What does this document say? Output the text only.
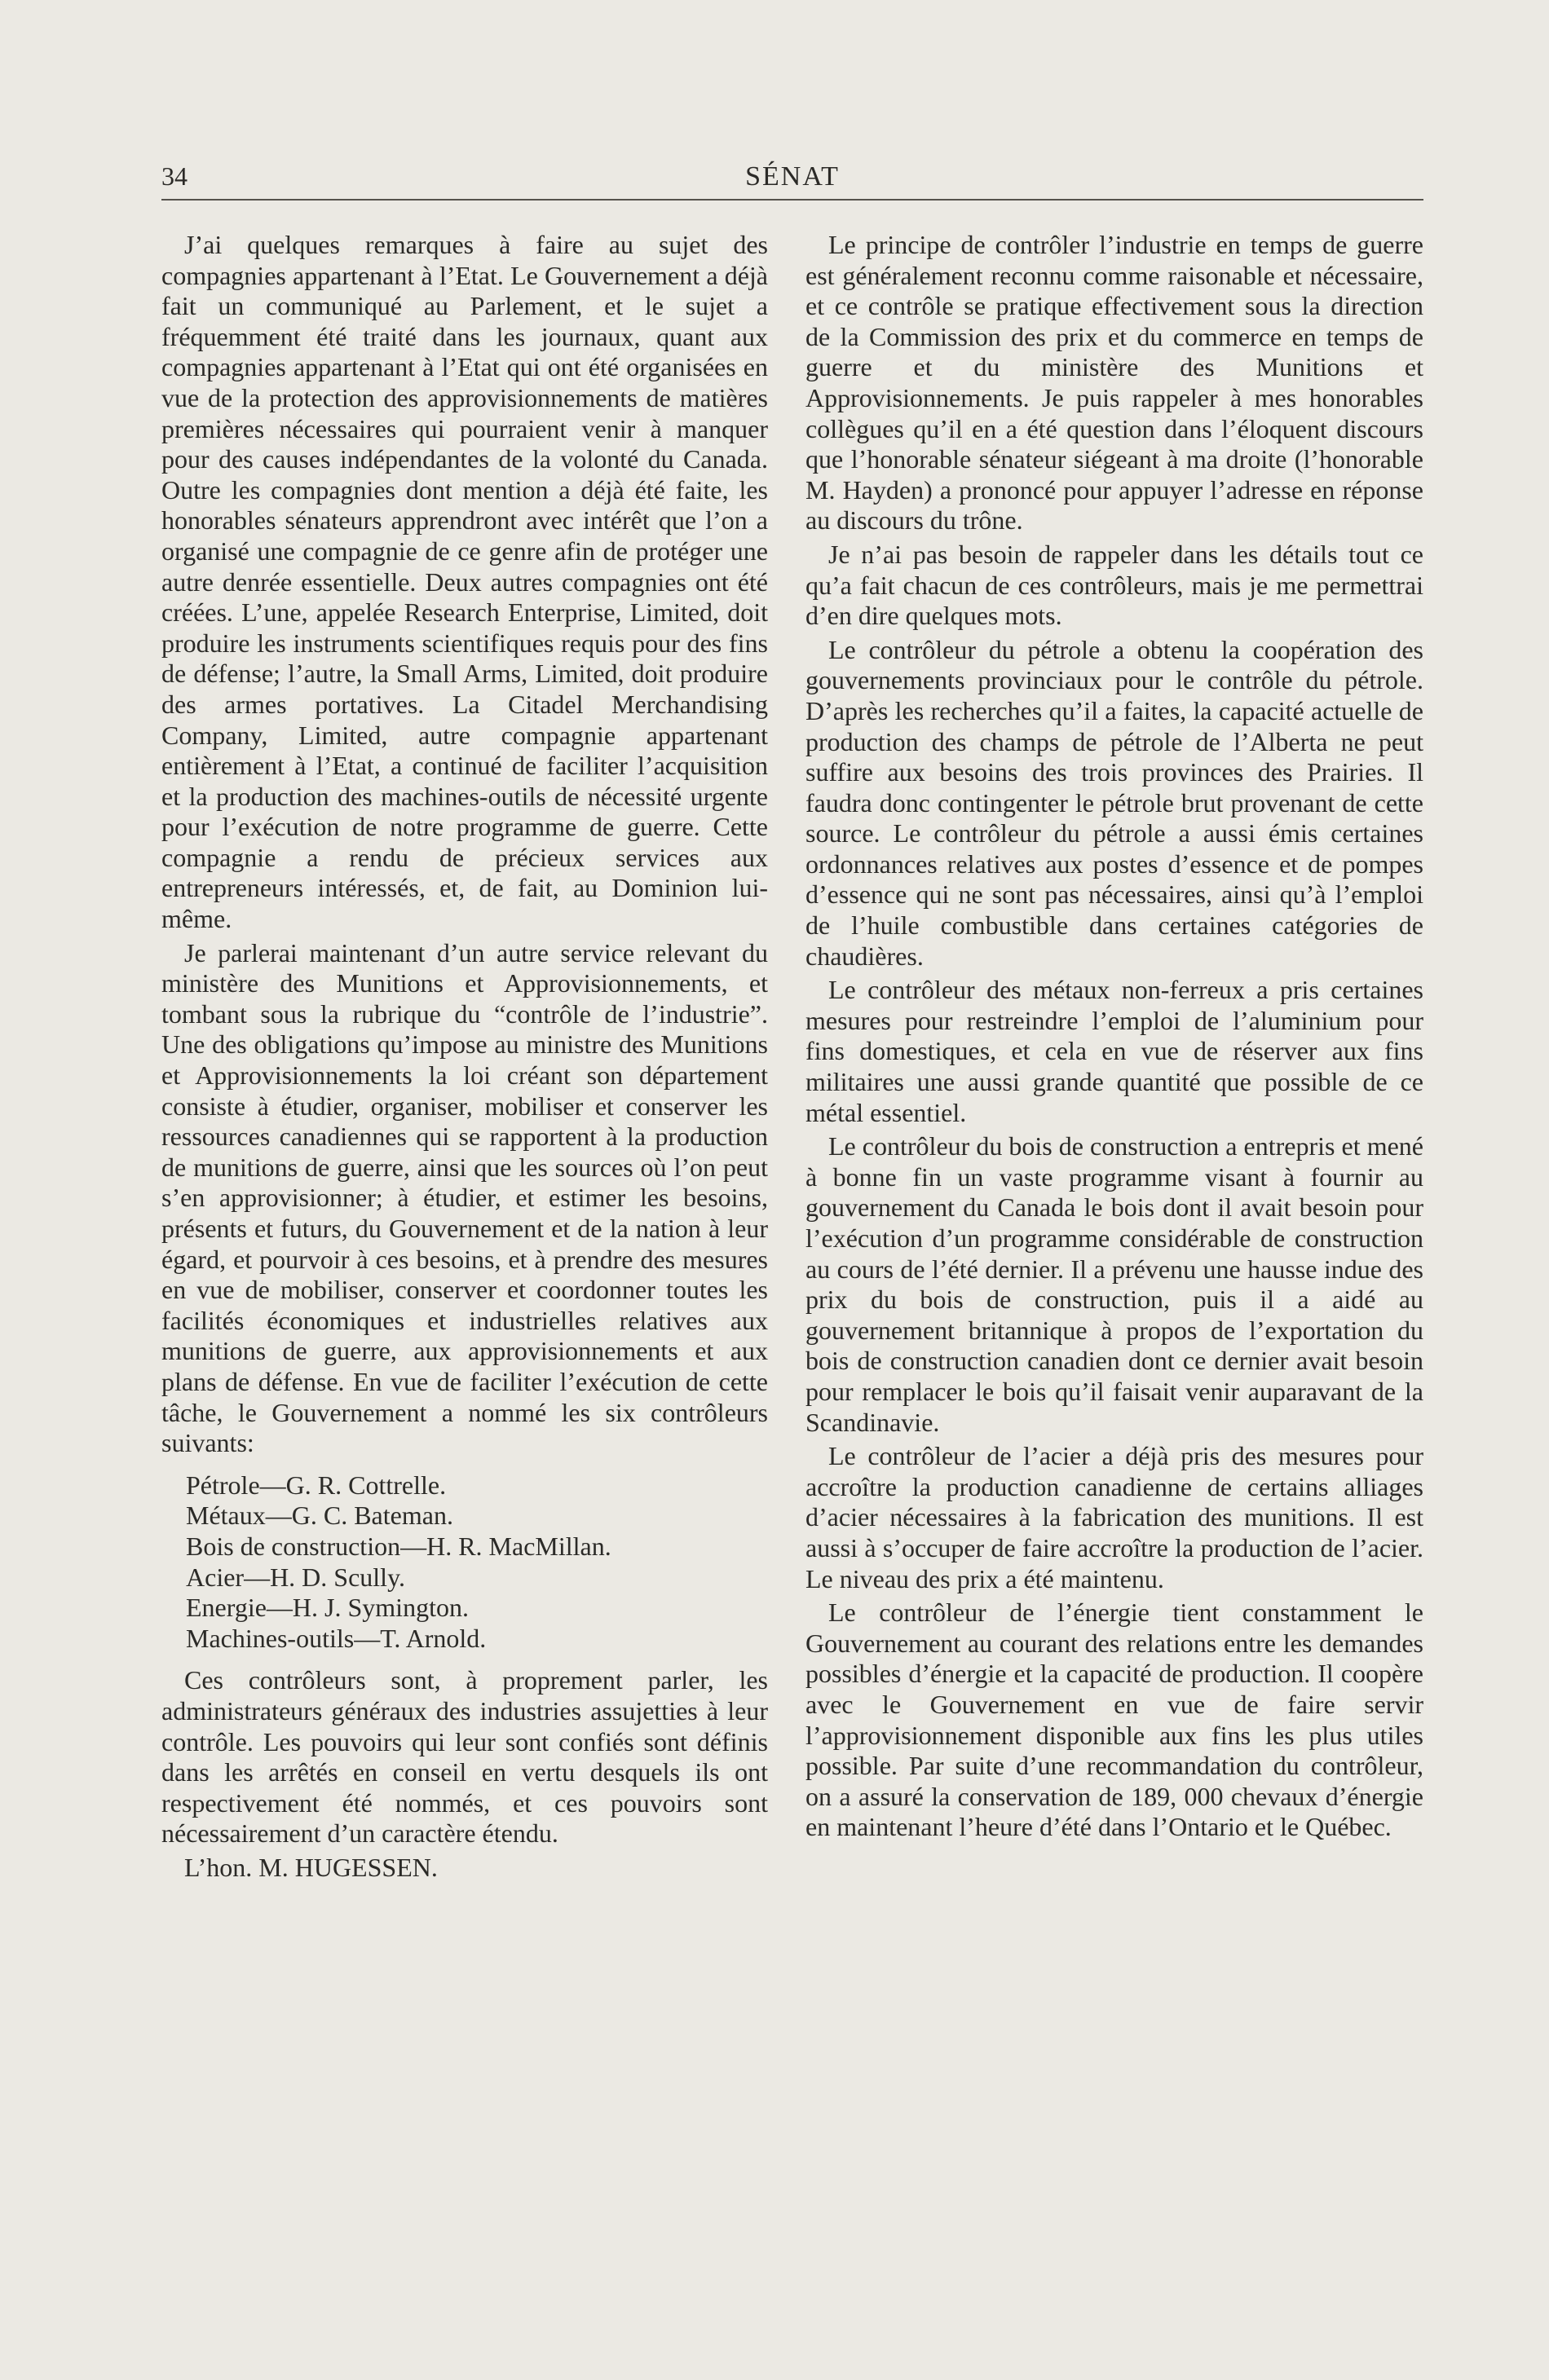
34	SÉNAT

J’ai quelques remarques à faire au sujet des compagnies appartenant à l’Etat. Le Gouvernement a déjà fait un communiqué au Parlement, et le sujet a fréquemment été traité dans les journaux, quant aux compagnies appartenant à l’Etat qui ont été organisées en vue de la protection des approvisionnements de matières premières nécessaires qui pourraient venir à manquer pour des causes indépendantes de la volonté du Canada. Outre les compagnies dont mention a déjà été faite, les honorables sénateurs apprendront avec intérêt que l’on a organisé une compagnie de ce genre afin de protéger une autre denrée essentielle. Deux autres compagnies ont été créées. L’une, appelée Research Enterprise, Limited, doit produire les instruments scientifiques requis pour des fins de défense; l’autre, la Small Arms, Limited, doit produire des armes portatives. La Citadel Merchandising Company, Limited, autre compagnie appartenant entièrement à l’Etat, a continué de faciliter l’acquisition et la production des machines-outils de nécessité urgente pour l’exécution de notre programme de guerre. Cette compagnie a rendu de précieux services aux entrepreneurs intéressés, et, de fait, au Dominion lui-même.

Je parlerai maintenant d’un autre service relevant du ministère des Munitions et Approvisionnements, et tombant sous la rubrique du “contrôle de l’industrie”. Une des obligations qu’impose au ministre des Munitions et Approvisionnements la loi créant son département consiste à étudier, organiser, mobiliser et conserver les ressources canadiennes qui se rapportent à la production de munitions de guerre, ainsi que les sources où l’on peut s’en approvisionner; à étudier, et estimer les besoins, présents et futurs, du Gouvernement et de la nation à leur égard, et pourvoir à ces besoins, et à prendre des mesures en vue de mobiliser, conserver et coordonner toutes les facilités économiques et industrielles relatives aux munitions de guerre, aux approvisionnements et aux plans de défense. En vue de faciliter l’exécution de cette tâche, le Gouvernement a nommé les six contrôleurs suivants:

Pétrole—G. R. Cottrelle.
Métaux—G. C. Bateman.
Bois de construction—H. R. MacMillan.
Acier—H. D. Scully.
Energie—H. J. Symington.
Machines-outils—T. Arnold.

Ces contrôleurs sont, à proprement parler, les administrateurs généraux des industries assujetties à leur contrôle. Les pouvoirs qui leur sont confiés sont définis dans les arrêtés en conseil en vertu desquels ils ont respectivement été nommés, et ces pouvoirs sont nécessairement d’un caractère étendu.

L’hon. M. HUGESSEN.

Le principe de contrôler l’industrie en temps de guerre est généralement reconnu comme raisonable et nécessaire, et ce contrôle se pratique effectivement sous la direction de la Commission des prix et du commerce en temps de guerre et du ministère des Munitions et Approvisionnements. Je puis rappeler à mes honorables collègues qu’il en a été question dans l’éloquent discours que l’honorable sénateur siégeant à ma droite (l’honorable M. Hayden) a prononcé pour appuyer l’adresse en réponse au discours du trône.

Je n’ai pas besoin de rappeler dans les détails tout ce qu’a fait chacun de ces contrôleurs, mais je me permettrai d’en dire quelques mots.

Le contrôleur du pétrole a obtenu la coopération des gouvernements provinciaux pour le contrôle du pétrole. D’après les recherches qu’il a faites, la capacité actuelle de production des champs de pétrole de l’Alberta ne peut suffire aux besoins des trois provinces des Prairies. Il faudra donc contingenter le pétrole brut provenant de cette source. Le contrôleur du pétrole a aussi émis certaines ordonnances relatives aux postes d’essence et de pompes d’essence qui ne sont pas nécessaires, ainsi qu’à l’emploi de l’huile combustible dans certaines catégories de chaudières.

Le contrôleur des métaux non-ferreux a pris certaines mesures pour restreindre l’emploi de l’aluminium pour fins domestiques, et cela en vue de réserver aux fins militaires une aussi grande quantité que possible de ce métal essentiel.

Le contrôleur du bois de construction a entrepris et mené à bonne fin un vaste programme visant à fournir au gouvernement du Canada le bois dont il avait besoin pour l’exécution d’un programme considérable de construction au cours de l’été dernier. Il a prévenu une hausse indue des prix du bois de construction, puis il a aidé au gouvernement britannique à propos de l’exportation du bois de construction canadien dont ce dernier avait besoin pour remplacer le bois qu’il faisait venir auparavant de la Scandinavie.

Le contrôleur de l’acier a déjà pris des mesures pour accroître la production canadienne de certains alliages d’acier nécessaires à la fabrication des munitions. Il est aussi à s’occuper de faire accroître la production de l’acier. Le niveau des prix a été maintenu.

Le contrôleur de l’énergie tient constamment le Gouvernement au courant des relations entre les demandes possibles d’énergie et la capacité de production. Il coopère avec le Gouvernement en vue de faire servir l’approvisionnement disponible aux fins les plus utiles possible. Par suite d’une recommandation du contrôleur, on a assuré la conservation de 189, 000 chevaux d’énergie en maintenant l’heure d’été dans l’Ontario et le Québec.
